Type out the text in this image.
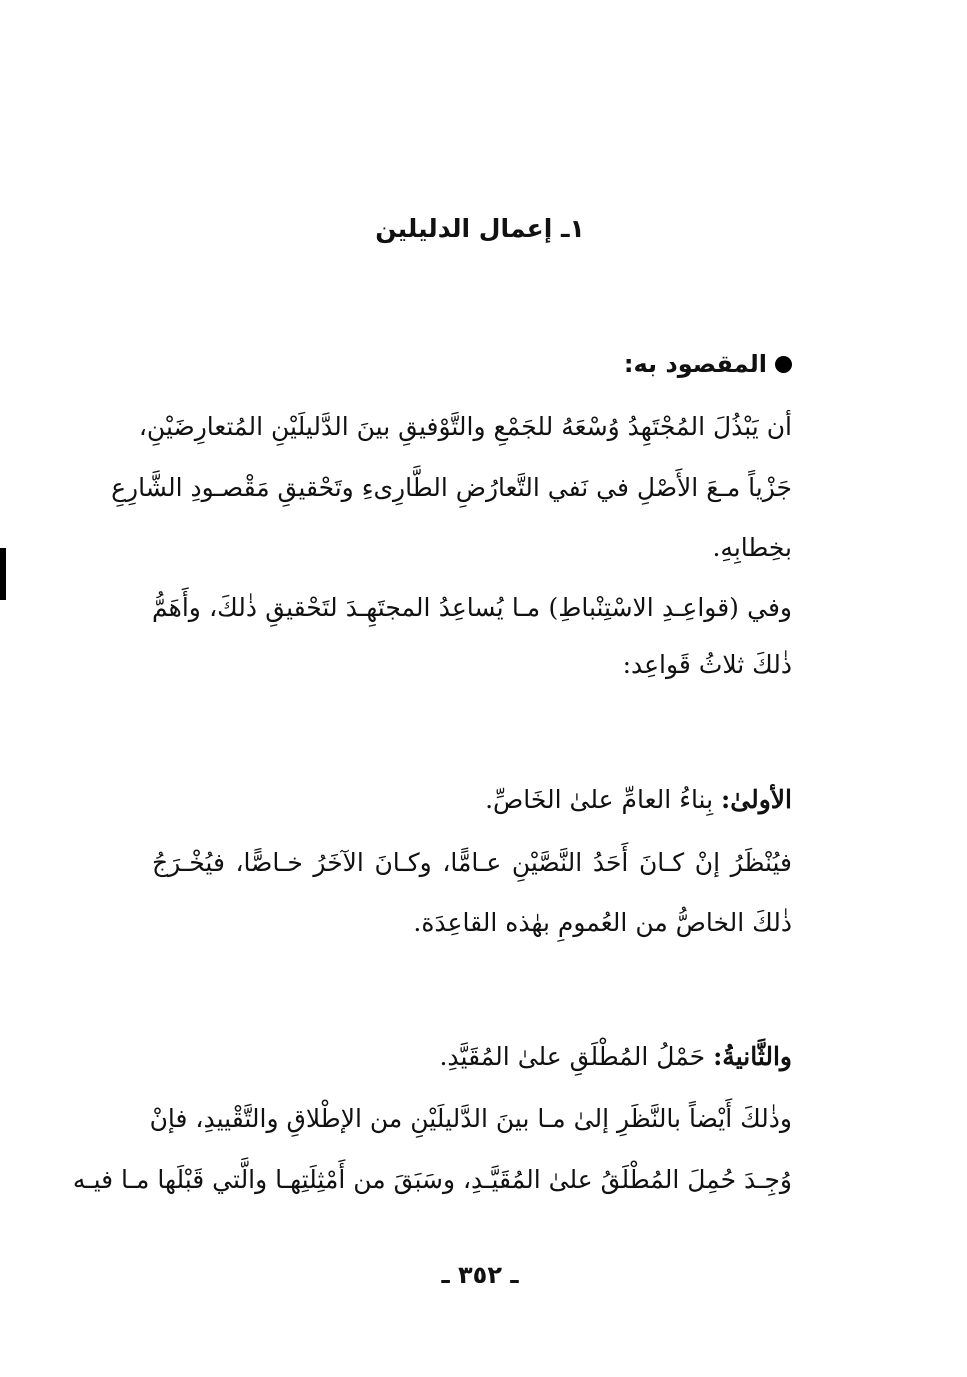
١ـ إعمال الدليلين
المقصود به:

أن يَبْذُلَ المُجْتَهِدُ وُسْعَهُ للجَمْعِ والتَّوْفيقِ بينَ الدَّليلَيْنِ المُتعارِضَيْنِ،

جَزْياً مـعَ الأَصْلِ في نَفي التَّعارُضِ الطَّارِىءِ وتَحْقيقِ مَقْصـودِ الشَّارِعِ

بخِطابِهِ.

وفي (قواعِـدِ الاسْتِنْباطِ) مـا يُساعِدُ المجتَهِـدَ لتَحْقيقِ ذٰلكَ، وأَهَمُّ

ذٰلكَ ثلاثُ قَواعِد:

الأولىٰ: بِناءُ العامِّ علىٰ الخَاصِّ.

فيُنْظَرُ إنْ كـانَ أَحَدُ النَّصَّيْنِ عـامًّا، وكـانَ الآخَرُ خـاصًّا، فيُخْـرَجُ

ذٰلكَ الخاصُّ من العُمومِ بهٰذه القاعِدَة.

والثَّانيةُ: حَمْلُ المُطْلَقِ علىٰ المُقَيَّدِ.

وذٰلكَ أَيْضاً بالنَّظَرِ إلىٰ مـا بينَ الدَّليلَيْنِ من الإطْلاقِ والتَّقْييدِ، فإنْ

وُجِـدَ حُمِلَ المُطْلَقُ علىٰ المُقَيَّـدِ، وسَبَقَ من أَمْثِلَتِهـا والَّتي قَبْلَها مـا فيـه

ـ ٣٥٢ ـ
